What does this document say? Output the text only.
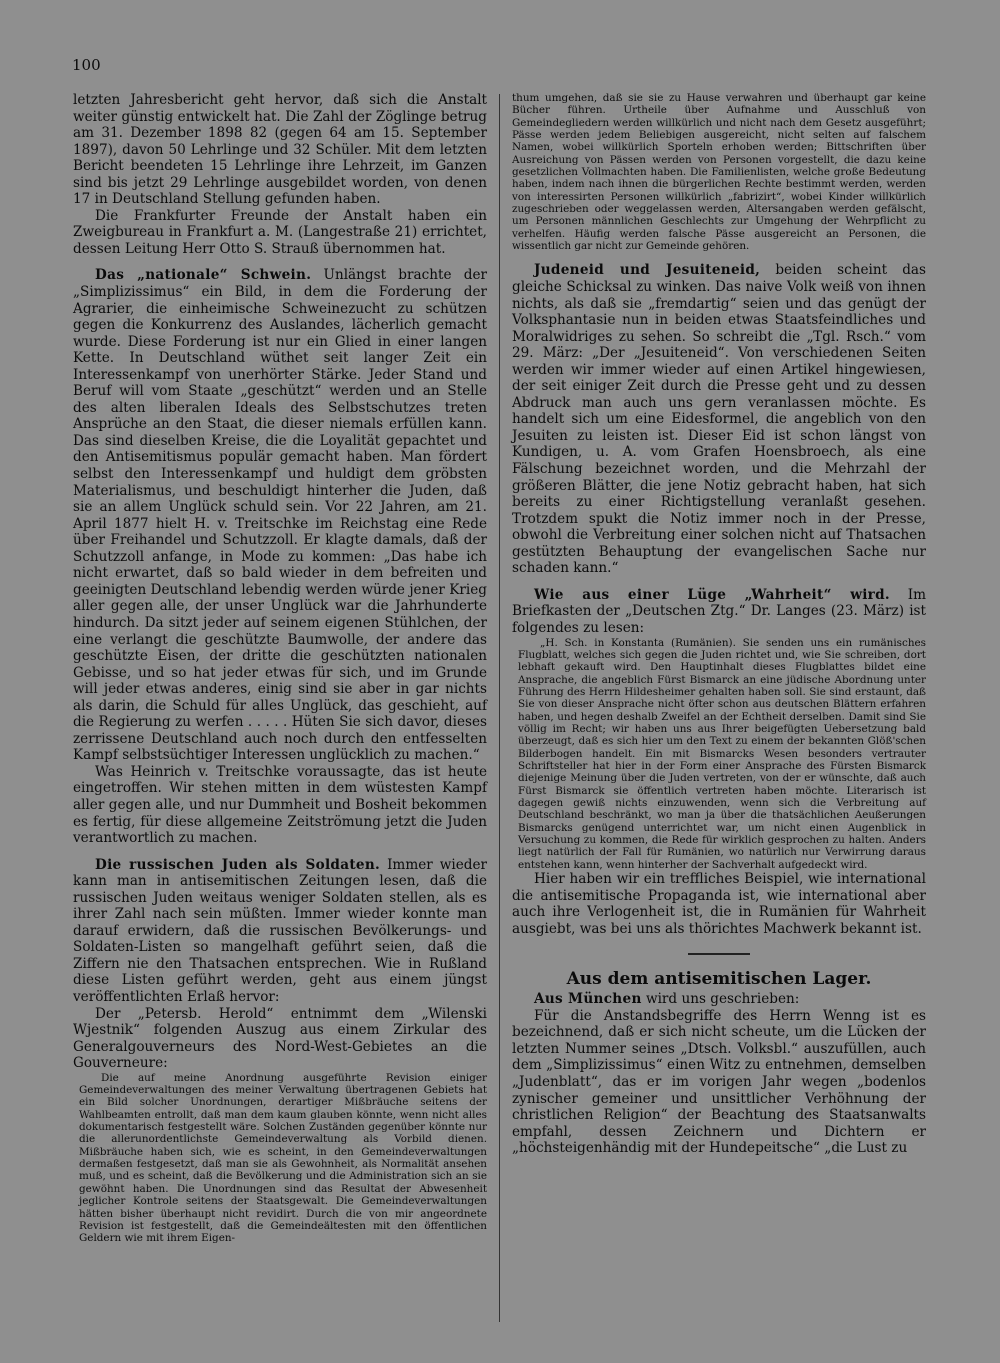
100

letzten Jahresbericht geht hervor, daß sich die Anstalt weiter günstig entwickelt hat. Die Zahl der Zöglinge betrug am 31. Dezember 1898 82 (gegen 64 am 15. September 1897), davon 50 Lehrlinge und 32 Schüler. Mit dem letzten Bericht beendeten 15 Lehrlinge ihre Lehrzeit, im Ganzen sind bis jetzt 29 Lehrlinge ausgebildet worden, von denen 17 in Deutschland Stellung gefunden haben.

Die Frankfurter Freunde der Anstalt haben ein Zweigbureau in Frankfurt a. M. (Langestraße 21) errichtet, dessen Leitung Herr Otto S. Strauß übernommen hat.

Das „nationale“ Schwein. Unlängst brachte der „Simplizissimus“ ein Bild, in dem die Forderung der Agrarier, die einheimische Schweinezucht zu schützen gegen die Konkurrenz des Auslandes, lächerlich gemacht wurde. Diese Forderung ist nur ein Glied in einer langen Kette. In Deutschland wüthet seit langer Zeit ein Interessenkampf von unerhörter Stärke. Jeder Stand und Beruf will vom Staate „geschützt“ werden und an Stelle des alten liberalen Ideals des Selbstschutzes treten Ansprüche an den Staat, die dieser niemals erfüllen kann. Das sind dieselben Kreise, die die Loyalität gepachtet und den Antisemitismus populär gemacht haben. Man fördert selbst den Interessenkampf und huldigt dem gröbsten Materialismus, und beschuldigt hinterher die Juden, daß sie an allem Unglück schuld sein. Vor 22 Jahren, am 21. April 1877 hielt H. v. Treitschke im Reichstag eine Rede über Freihandel und Schutzzoll. Er klagte damals, daß der Schutzzoll anfange, in Mode zu kommen: „Das habe ich nicht erwartet, daß so bald wieder in dem befreiten und geeinigten Deutschland lebendig werden würde jener Krieg aller gegen alle, der unser Unglück war die Jahrhunderte hindurch. Da sitzt jeder auf seinem eigenen Stühlchen, der eine verlangt die geschützte Baumwolle, der andere das geschützte Eisen, der dritte die geschützten nationalen Gebisse, und so hat jeder etwas für sich, und im Grunde will jeder etwas anderes, einig sind sie aber in gar nichts als darin, die Schuld für alles Unglück, das geschieht, auf die Regierung zu werfen . . . . . Hüten Sie sich davor, dieses zerrissene Deutschland auch noch durch den entfesselten Kampf selbstsüchtiger Interessen unglücklich zu machen.“

Was Heinrich v. Treitschke voraussagte, das ist heute eingetroffen. Wir stehen mitten in dem wüstesten Kampf aller gegen alle, und nur Dummheit und Bosheit bekommen es fertig, für diese allgemeine Zeitströmung jetzt die Juden verantwortlich zu machen.

Die russischen Juden als Soldaten. Immer wieder kann man in antisemitischen Zeitungen lesen, daß die russischen Juden weitaus weniger Soldaten stellen, als es ihrer Zahl nach sein müßten. Immer wieder konnte man darauf erwidern, daß die russischen Bevölkerungs- und Soldaten-Listen so mangelhaft geführt seien, daß die Ziffern nie den Thatsachen entsprechen. Wie in Rußland diese Listen geführt werden, geht aus einem jüngst veröffentlichten Erlaß hervor:

Der „Petersb. Herold“ entnimmt dem „Wilenski Wjestnik“ folgenden Auszug aus einem Zirkular des Generalgouverneurs des Nord-West-Gebietes an die Gouverneure:

Die auf meine Anordnung ausgeführte Revision einiger Gemeindeverwaltungen des meiner Verwaltung übertragenen Gebiets hat ein Bild solcher Unordnungen, derartiger Mißbräuche seitens der Wahlbeamten entrollt, daß man dem kaum glauben könnte, wenn nicht alles dokumentarisch festgestellt wäre. Solchen Zuständen gegenüber könnte nur die allerunordentlichste Gemeindeverwaltung als Vorbild dienen. Mißbräuche haben sich, wie es scheint, in den Gemeindeverwaltungen dermaßen festgesetzt, daß man sie als Gewohnheit, als Normalität ansehen muß, und es scheint, daß die Bevölkerung und die Administration sich an sie gewöhnt haben. Die Unordnungen sind das Resultat der Abwesenheit jeglicher Kontrole seitens der Staatsgewalt. Die Gemeindeverwaltungen hätten bisher überhaupt nicht revidirt. Durch die von mir angeordnete Revision ist festgestellt, daß die Gemeindeältesten mit den öffentlichen Geldern wie mit ihrem Eigen-

thum umgehen, daß sie sie zu Hause verwahren und überhaupt gar keine Bücher führen. Urtheile über Aufnahme und Ausschluß von Gemeindegliedern werden willkürlich und nicht nach dem Gesetz ausgeführt; Pässe werden jedem Beliebigen ausgereicht, nicht selten auf falschem Namen, wobei willkürlich Sporteln erhoben werden; Bittschriften über Ausreichung von Pässen werden von Personen vorgestellt, die dazu keine gesetzlichen Vollmachten haben. Die Familienlisten, welche große Bedeutung haben, indem nach ihnen die bürgerlichen Rechte bestimmt werden, werden von interessirten Personen willkürlich „fabrizirt“, wobei Kinder willkürlich zugeschrieben oder weggelassen werden, Altersangaben werden gefälscht, um Personen männlichen Geschlechts zur Umgehung der Wehrpflicht zu verhelfen. Häufig werden falsche Pässe ausgereicht an Personen, die wissentlich gar nicht zur Gemeinde gehören.

Judeneid und Jesuiteneid, beiden scheint das gleiche Schicksal zu winken. Das naive Volk weiß von ihnen nichts, als daß sie „fremdartig“ seien und das genügt der Volksphantasie nun in beiden etwas Staatsfeindliches und Moralwidriges zu sehen. So schreibt die „Tgl. Rsch.“ vom 29. März: „Der „Jesuiteneid“. Von verschiedenen Seiten werden wir immer wieder auf einen Artikel hingewiesen, der seit einiger Zeit durch die Presse geht und zu dessen Abdruck man auch uns gern veranlassen möchte. Es handelt sich um eine Eidesformel, die angeblich von den Jesuiten zu leisten ist. Dieser Eid ist schon längst von Kundigen, u. A. vom Grafen Hoensbroech, als eine Fälschung bezeichnet worden, und die Mehrzahl der größeren Blätter, die jene Notiz gebracht haben, hat sich bereits zu einer Richtigstellung veranlaßt gesehen. Trotzdem spukt die Notiz immer noch in der Presse, obwohl die Verbreitung einer solchen nicht auf Thatsachen gestützten Behauptung der evangelischen Sache nur schaden kann.“

Wie aus einer Lüge „Wahrheit“ wird. Im Briefkasten der „Deutschen Ztg.“ Dr. Langes (23. März) ist folgendes zu lesen:

„H. Sch. in Konstanta (Rumänien). Sie senden uns ein rumänisches Flugblatt, welches sich gegen die Juden richtet und, wie Sie schreiben, dort lebhaft gekauft wird. Den Hauptinhalt dieses Flugblattes bildet eine Ansprache, die angeblich Fürst Bismarck an eine jüdische Abordnung unter Führung des Herrn Hildesheimer gehalten haben soll. Sie sind erstaunt, daß Sie von dieser Ansprache nicht öfter schon aus deutschen Blättern erfahren haben, und hegen deshalb Zweifel an der Echtheit derselben. Damit sind Sie völlig im Recht; wir haben uns aus Ihrer beigefügten Uebersetzung bald überzeugt, daß es sich hier um den Text zu einem der bekannten Glöß'schen Bilderbogen handelt. Ein mit Bismarcks Wesen besonders vertrauter Schriftsteller hat hier in der Form einer Ansprache des Fürsten Bismarck diejenige Meinung über die Juden vertreten, von der er wünschte, daß auch Fürst Bismarck sie öffentlich vertreten haben möchte. Literarisch ist dagegen gewiß nichts einzuwenden, wenn sich die Verbreitung auf Deutschland beschränkt, wo man ja über die thatsächlichen Aeußerungen Bismarcks genügend unterrichtet war, um nicht einen Augenblick in Versuchung zu kommen, die Rede für wirklich gesprochen zu halten. Anders liegt natürlich der Fall für Rumänien, wo natürlich nur Verwirrung daraus entstehen kann, wenn hinterher der Sachverhalt aufgedeckt wird.

Hier haben wir ein treffliches Beispiel, wie international die antisemitische Propaganda ist, wie international aber auch ihre Verlogenheit ist, die in Rumänien für Wahrheit ausgiebt, was bei uns als thörichtes Machwerk bekannt ist.

Aus dem antisemitischen Lager.

Aus München wird uns geschrieben:

Für die Anstandsbegriffe des Herrn Wenng ist es bezeichnend, daß er sich nicht scheute, um die Lücken der letzten Nummer seines „Dtsch. Volksbl.“ auszufüllen, auch dem „Simplizissimus“ einen Witz zu entnehmen, demselben „Judenblatt“, das er im vorigen Jahr wegen „bodenlos zynischer gemeiner und unsittlicher Verhöhnung der christlichen Religion“ der Beachtung des Staatsanwalts empfahl, dessen Zeichnern und Dichtern er „höchsteigenhändig mit der Hundepeitsche“ „die Lust zu
